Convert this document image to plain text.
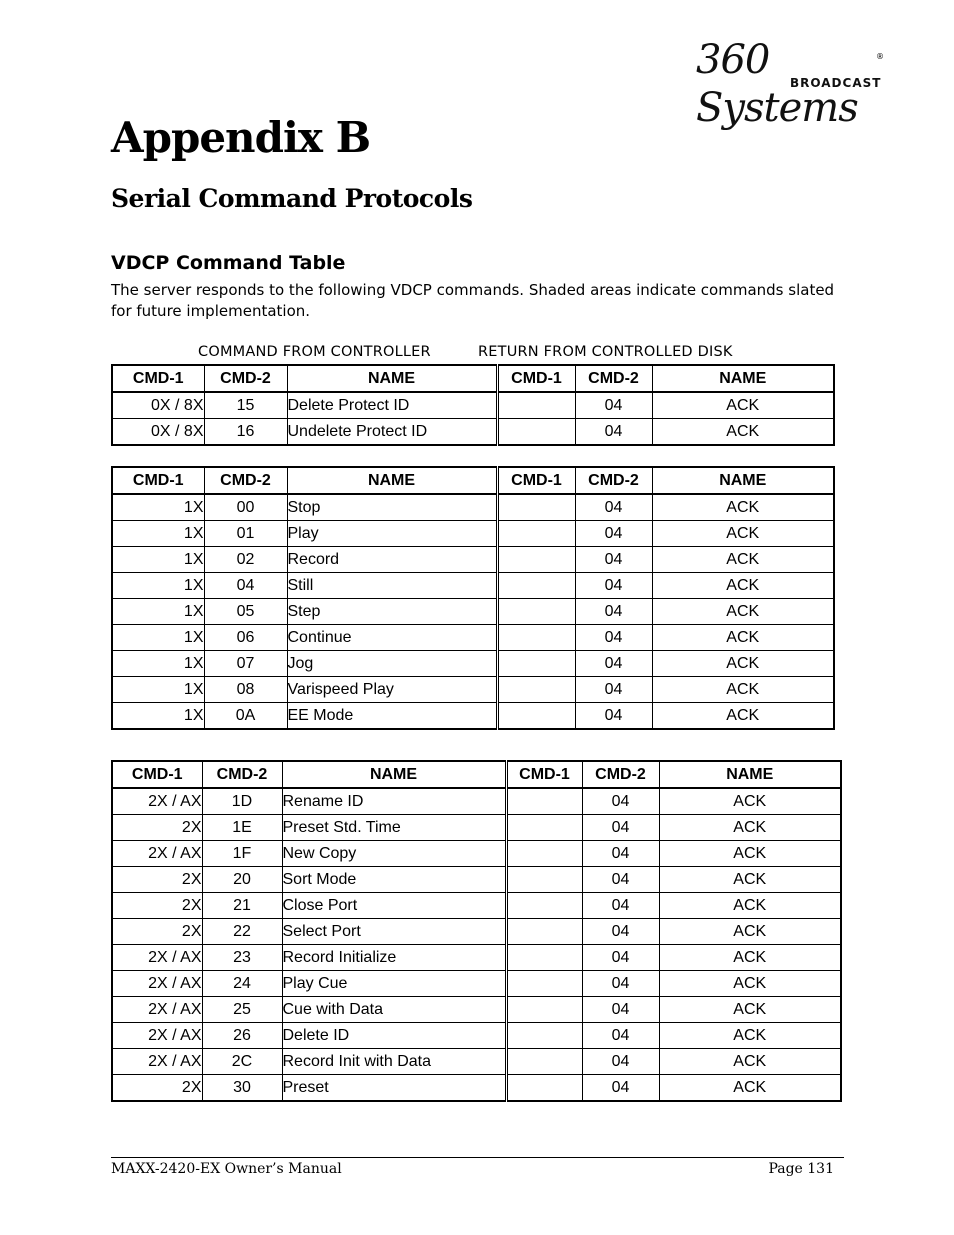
360 Systems
BROADCAST
®
Appendix B
Serial Command Protocols
VDCP Command Table
The server responds to the following VDCP commands. Shaded areas indicate commands slated for future implementation.
COMMAND FROM CONTROLLER	RETURN FROM CONTROLLED DISK
CMD-1	CMD-2	NAME	CMD-1	CMD-2	NAME
0X / 8X	15	Delete Protect ID		04	ACK
0X / 8X	16	Undelete Protect ID		04	ACK
CMD-1	CMD-2	NAME	CMD-1	CMD-2	NAME
1X	00	Stop		04	ACK
1X	01	Play		04	ACK
1X	02	Record		04	ACK
1X	04	Still		04	ACK
1X	05	Step		04	ACK
1X	06	Continue		04	ACK
1X	07	Jog		04	ACK
1X	08	Varispeed Play		04	ACK
1X	0A	EE Mode		04	ACK
CMD-1	CMD-2	NAME	CMD-1	CMD-2	NAME
2X / AX	1D	Rename ID		04	ACK
2X	1E	Preset Std. Time		04	ACK
2X / AX	1F	New Copy		04	ACK
2X	20	Sort Mode		04	ACK
2X	21	Close Port		04	ACK
2X	22	Select Port		04	ACK
2X / AX	23	Record Initialize		04	ACK
2X / AX	24	Play Cue		04	ACK
2X / AX	25	Cue with Data		04	ACK
2X / AX	26	Delete ID		04	ACK
2X / AX	2C	Record Init with Data		04	ACK
2X	30	Preset		04	ACK
MAXX-2420-EX Owner’s Manual	Page 131
